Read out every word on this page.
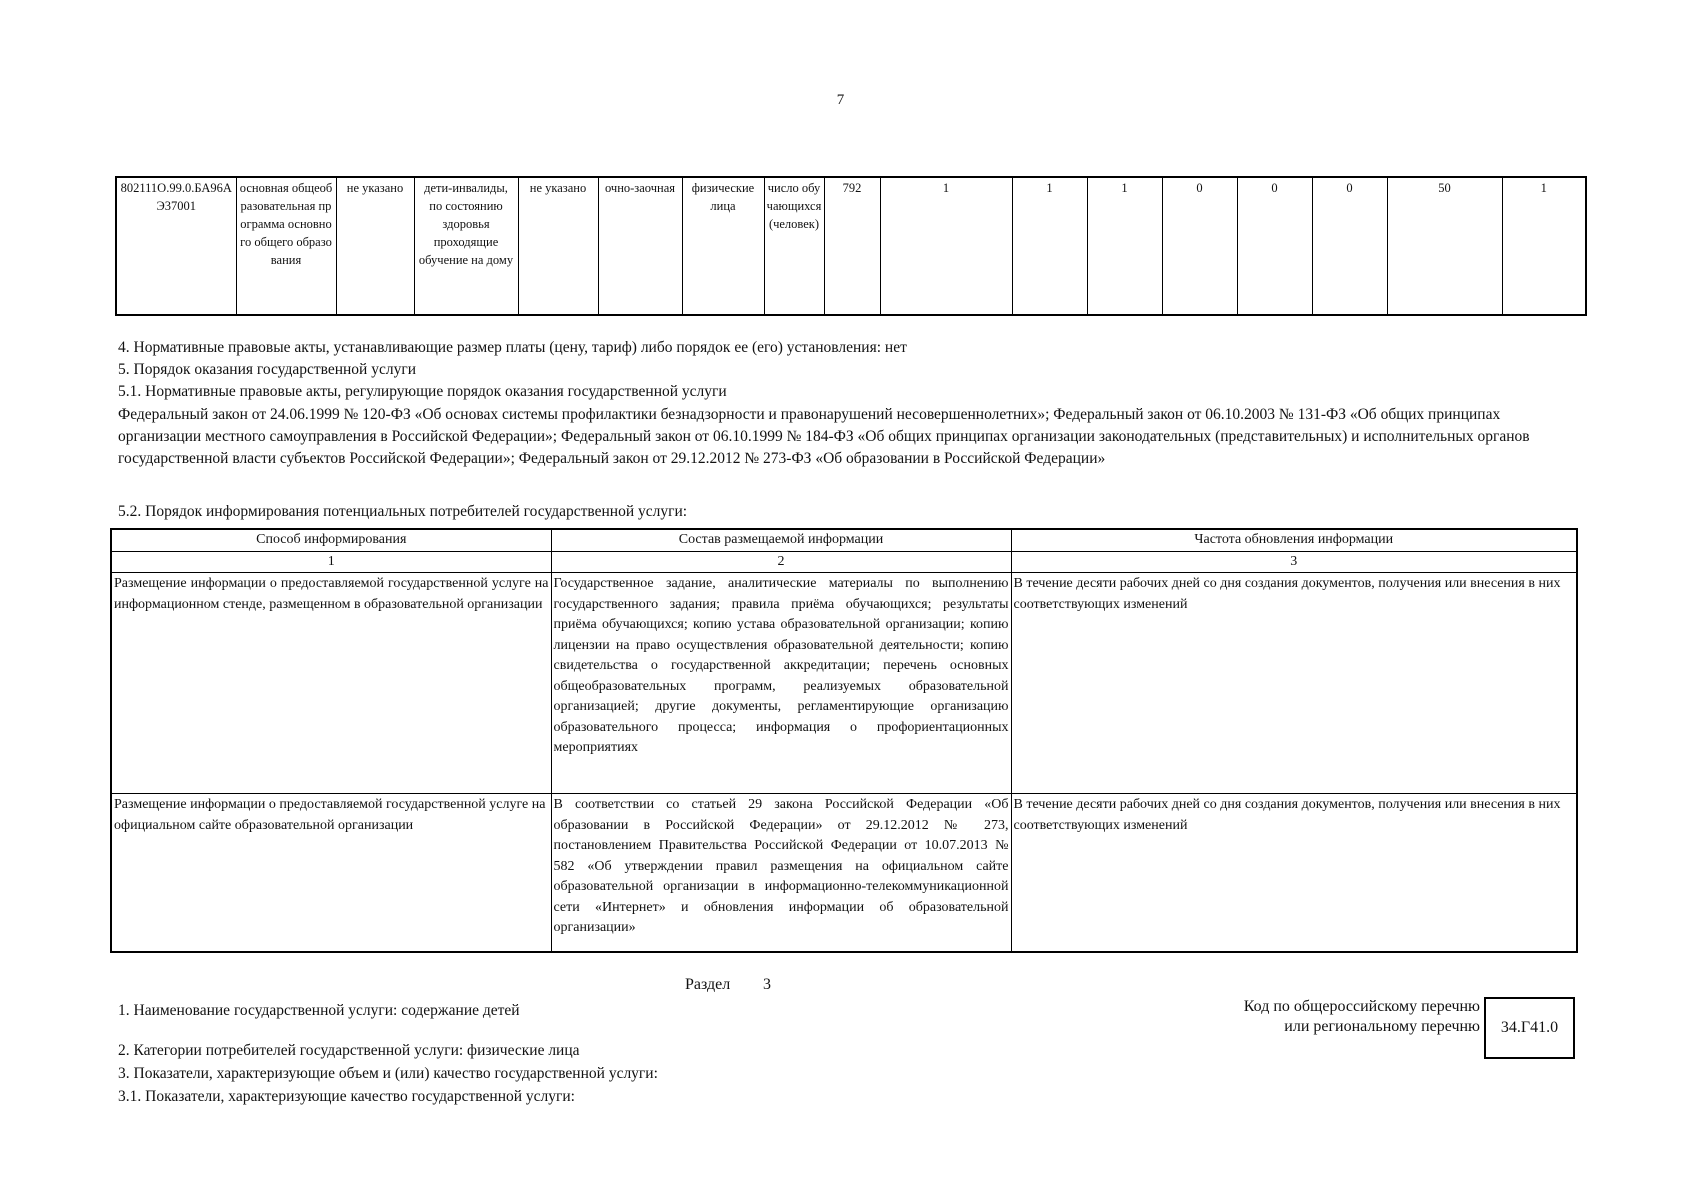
7
802111О.99.0.БА96АЭ37001	основная общеобразовательная программа основного общего образования	не указано	дети-инвалиды, по состоянию здоровья проходящие обучение на дому	не указано	очно-заочная	физические лица	число обучающихся (человек)	792	1	1	1	0	0	0	50	1
4. Нормативные правовые акты, устанавливающие размер платы (цену, тариф) либо порядок ее (его) установления: нет
5. Порядок оказания государственной услуги
5.1. Нормативные правовые акты, регулирующие порядок оказания государственной услуги
Федеральный закон от 24.06.1999 № 120-ФЗ «Об основах системы профилактики безнадзорности и правонарушений несовершеннолетних»; Федеральный закон от 06.10.2003 № 131-ФЗ «Об общих принципах организации местного самоуправления в Российской Федерации»; Федеральный закон от 06.10.1999 № 184-ФЗ «Об общих принципах организации законодательных (представительных) и исполнительных органов государственной власти субъектов Российской Федерации»; Федеральный закон от 29.12.2012 № 273-ФЗ «Об образовании в Российской Федерации»
5.2. Порядок информирования потенциальных потребителей государственной услуги:
Способ информирования	Состав размещаемой информации	Частота обновления информации
1	2	3
Размещение информации о предоставляемой государственной услуге на информационном стенде, размещенном в образовательной организации	Государственное задание, аналитические материалы по выполнению государственного задания; правила приёма обучающихся; результаты приёма обучающихся; копию устава образовательной организации; копию лицензии на право осуществления образовательной деятельности; копию свидетельства о государственной аккредитации; перечень основных общеобразовательных программ, реализуемых образовательной организацией; другие документы, регламентирующие организацию образовательного процесса; информация о профориентационных мероприятиях	В течение десяти рабочих дней со дня создания документов, получения или внесения в них соответствующих изменений
Размещение информации о предоставляемой государственной услуге на официальном сайте образовательной организации	В соответствии со статьей 29 закона Российской Федерации «Об образовании в Российской Федерации» от 29.12.2012 № 273, постановлением Правительства Российской Федерации от 10.07.2013 № 582 «Об утверждении правил размещения на официальном сайте образовательной организации в информационно-телекоммуникационной сети «Интернет» и обновления информации об образовательной организации»	В течение десяти рабочих дней со дня создания документов, получения или внесения в них соответствующих изменений
Раздел 3
1. Наименование государственной услуги: содержание детей
2. Категории потребителей государственной услуги: физические лица
3. Показатели, характеризующие объем и (или) качество государственной услуги:
3.1. Показатели, характеризующие качество государственной услуги:
Код по общероссийскому перечню или региональному перечню 34.Г41.0
